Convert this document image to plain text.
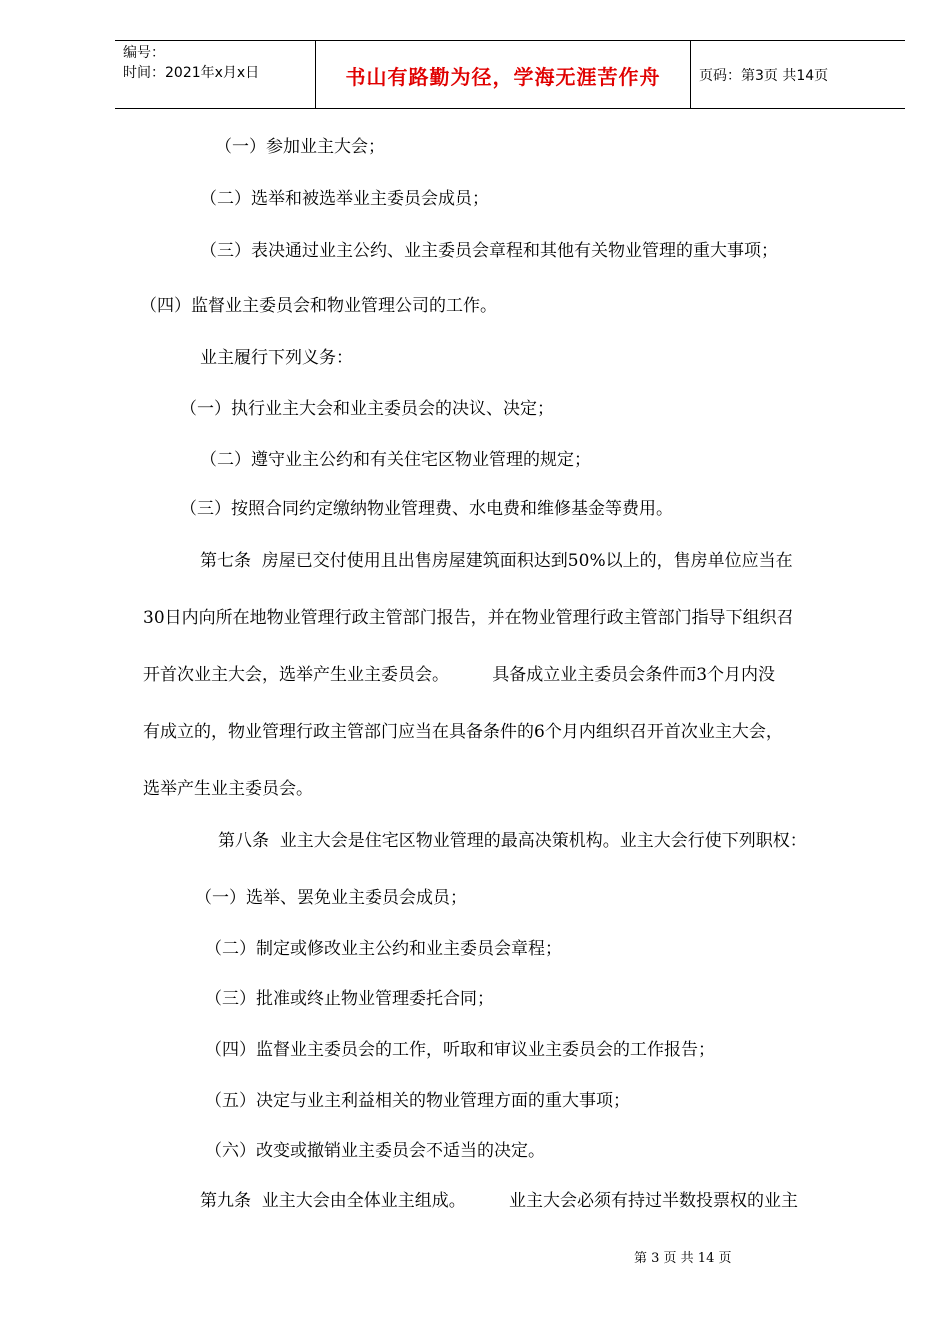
编号：
时间：2021年x月x日	书山有路勤为径，学海无涯苦作舟	页码：第3页 共14页
（一）参加业主大会；
（二）选举和被选举业主委员会成员；
（三）表决通过业主公约、业主委员会章程和其他有关物业管理的重大事项；
（四）监督业主委员会和物业管理公司的工作。
业主履行下列义务：
（一）执行业主大会和业主委员会的决议、决定；
（二）遵守业主公约和有关住宅区物业管理的规定；
（三）按照合同约定缴纳物业管理费、水电费和维修基金等费用。
第七条  房屋已交付使用且出售房屋建筑面积达到50%以上的，售房单位应当在
30日内向所在地物业管理行政主管部门报告，并在物业管理行政主管部门指导下组织召
开首次业主大会，选举产生业主委员会。        具备成立业主委员会条件而3个月内没
有成立的，物业管理行政主管部门应当在具备条件的6个月内组织召开首次业主大会，
选举产生业主委员会。
第八条  业主大会是住宅区物业管理的最高决策机构。业主大会行使下列职权：
（一）选举、罢免业主委员会成员；
（二）制定或修改业主公约和业主委员会章程；
（三）批准或终止物业管理委托合同；
（四）监督业主委员会的工作，听取和审议业主委员会的工作报告；
（五）决定与业主利益相关的物业管理方面的重大事项；
（六）改变或撤销业主委员会不适当的决定。
第九条  业主大会由全体业主组成。        业主大会必须有持过半数投票权的业主
第 3 页 共 14 页
